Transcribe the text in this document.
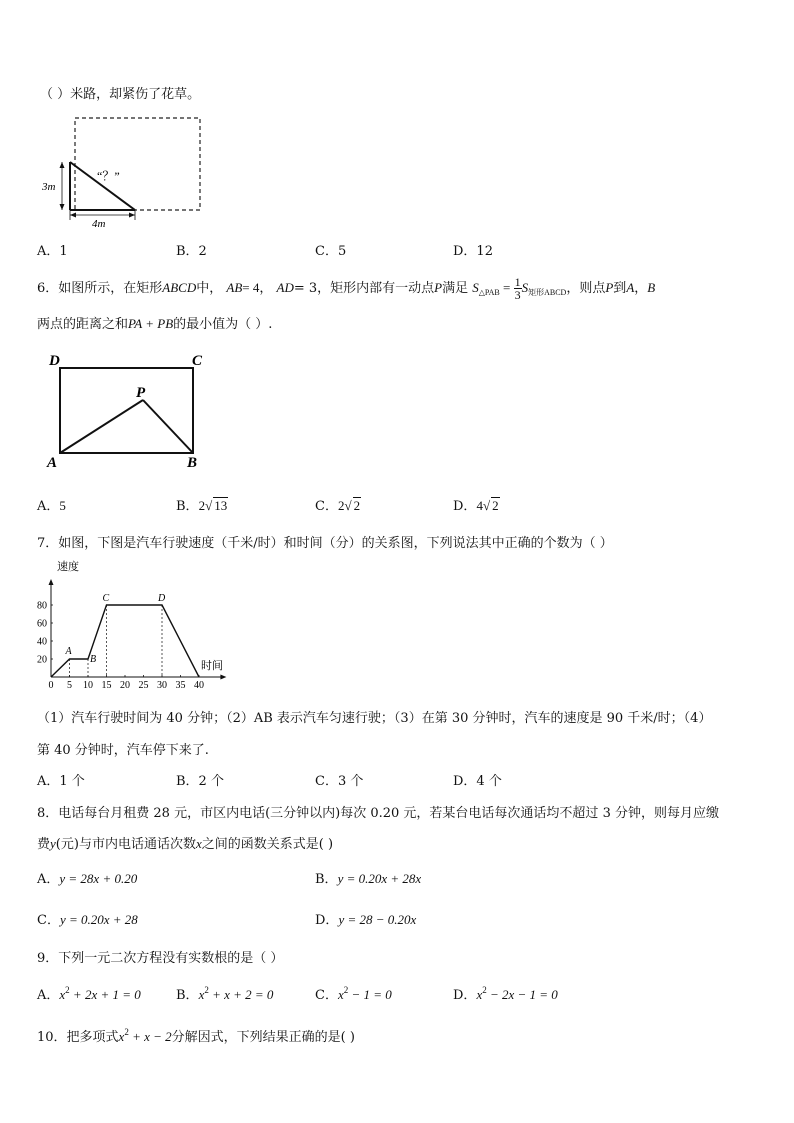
（ ）米路，却紧伤了花草。
3m
4m
“？”
A．1	B．2	C．5	D．12
6．如图所示，在矩形ABCD中， AB= 4， AD= 3，矩形内部有一动点P满足 $S_{\triangle PAB} = \frac{1}{3} S_{矩形ABCD}$，则点P到A，B
两点的距离之和PA + PB的最小值为（ ）.
D	C
P
A	B
A．5	B．2√ 13	C．2√ 2	D．4√ 2
7．如图，下图是汽车行驶速度（千米/时）和时间（分）的关系图，下列说法其中正确的个数为（ ）
0 5 10 15 20 25 30 35 40
20
40
60
80
A
B
C	D
速度
时间
（1）汽车行驶时间为 40 分钟；（2）AB 表示汽车匀速行驶；（3）在第 30 分钟时，汽车的速度是 90 千米/时；（4）
第 40 分钟时，汽车停下来了.
A．1 个	B．2 个	C．3 个	D．4 个
8．电话每台月租费 28 元，市区内电话(三分钟以内)每次 0.20 元，若某台电话每次通话均不超过 3 分钟，则每月应缴
费y(元)与市内电话通话次数x之间的函数关系式是( )
A．y = 28x + 0.20	B．y = 0.20x + 28x
C．y = 0.20x + 28	D．y = 28 − 0.20x
9．下列一元二次方程没有实数根的是（ ）
A．$x^2 + 2x + 1 = 0$	B．$x^2 + x + 2 = 0$	C．$x^2 - 1 = 0$	D．$x^2 - 2x - 1 = 0$
10．把多项式$x^2 + x - 2$分解因式，下列结果正确的是( )
